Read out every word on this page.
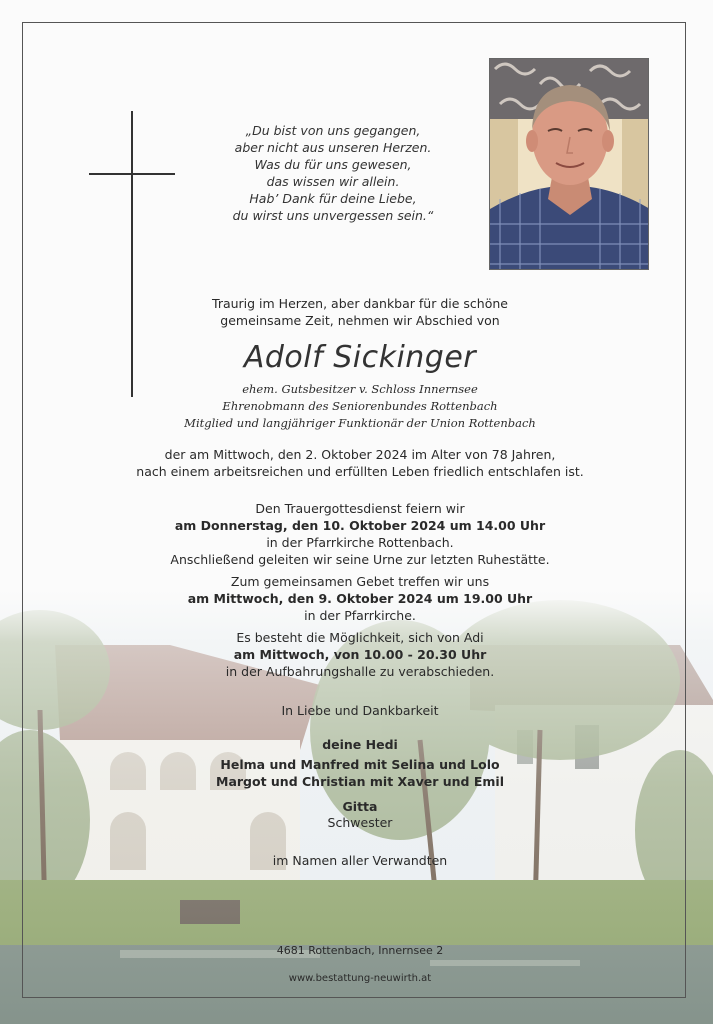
„Du bist von uns gegangen,
aber nicht aus unseren Herzen.
Was du für uns gewesen,
das wissen wir allein.
Hab’ Dank für deine Liebe,
du wirst uns unvergessen sein.“
Traurig im Herzen, aber dankbar für die schöne
gemeinsame Zeit, nehmen wir Abschied von
Adolf Sickinger
ehem. Gutsbesitzer v. Schloss Innernsee
Ehrenobmann des Seniorenbundes Rottenbach
Mitglied und langjähriger Funktionär der Union Rottenbach
der am Mittwoch, den 2. Oktober 2024 im Alter von 78 Jahren,
nach einem arbeitsreichen und erfüllten Leben friedlich entschlafen ist.
Den Trauergottesdienst feiern wir
am Donnerstag, den 10. Oktober 2024 um 14.00 Uhr
in der Pfarrkirche Rottenbach.
Anschließend geleiten wir seine Urne zur letzten Ruhestätte.
Zum gemeinsamen Gebet treffen wir uns
am Mittwoch, den 9. Oktober 2024 um 19.00 Uhr
in der Pfarrkirche.
Es besteht die Möglichkeit, sich von Adi
am Mittwoch, von 10.00 - 20.30 Uhr
in der Aufbahrungshalle zu verabschieden.
In Liebe und Dankbarkeit
deine Hedi
Helma und Manfred mit Selina und Lolo
Margot und Christian mit Xaver und Emil
Gitta
Schwester
im Namen aller Verwandten
4681 Rottenbach, Innernsee 2
www.bestattung-neuwirth.at
